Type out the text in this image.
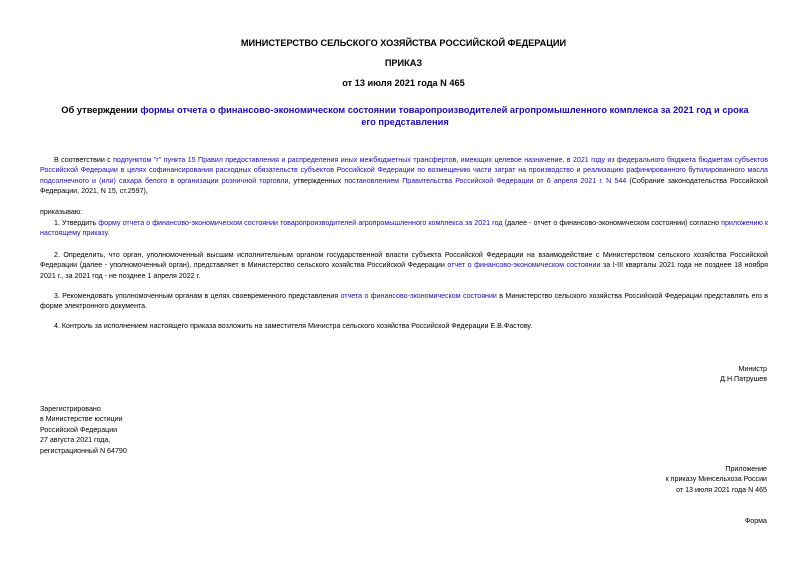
МИНИСТЕРСТВО СЕЛЬСКОГО ХОЗЯЙСТВА РОССИЙСКОЙ ФЕДЕРАЦИИ
ПРИКАЗ
от 13 июля 2021 года N 465
Об утверждении формы отчета о финансово-экономическом состоянии товаропроизводителей агропромышленного комплекса за 2021 год и срока его представления
В соответствии с подпунктом "г" пункта 15 Правил предоставления и распределения иных межбюджетных трансфертов, имеющих целевое назначение, в 2021 году из федерального бюджета бюджетам субъектов Российской Федерации в целях софинансирования расходных обязательств субъектов Российской Федерации по возмещению части затрат на производство и реализацию рафинированного бутилированного масла подсолнечного и (или) сахара белого в организации розничной торговли, утвержденных постановлением Правительства Российской Федерации от 6 апреля 2021 г. N 544 (Собрание законодательства Российской Федерации, 2021, N 15, ст.2597),
приказываю:
1. Утвердить форму отчета о финансово-экономическом состоянии товаропроизводителей агропромышленного комплекса за 2021 год (далее - отчет о финансово-экономическом состоянии) согласно приложению к настоящему приказу.
2. Определить, что орган, уполномоченный высшим исполнительным органом государственной власти субъекта Российской Федерации на взаимодействие с Министерством сельского хозяйства Российской Федерации (далее - уполномоченный орган), представляет в Министерство сельского хозяйства Российской Федерации отчет о финансово-экономическом состоянии за I-III кварталы 2021 года не позднее 18 ноября 2021 г., за 2021 год - не позднее 1 апреля 2022 г.
3. Рекомендовать уполномоченным органам в целях своевременного представления отчета о финансово-экономическом состоянии в Министерство сельского хозяйства Российской Федерации представлять его в форме электронного документа.
4. Контроль за исполнением настоящего приказа возложить на заместителя Министра сельского хозяйства Российской Федерации Е.В.Фастову.
Министр
Д.Н.Патрушев
Зарегистрировано
в Министерстве юстиции
Российской Федерации
27 августа 2021 года,
регистрационный N 64790
Приложение
к приказу Минсельхоза России
от 13 июля 2021 года N 465
Форма
